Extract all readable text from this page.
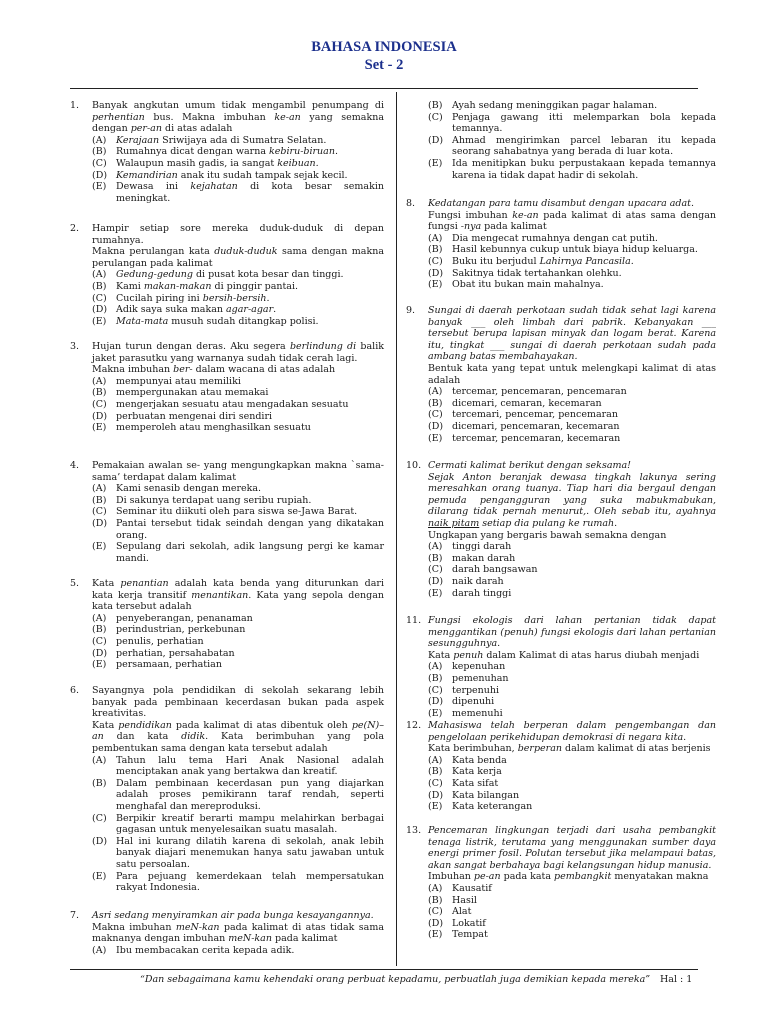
BAHASA INDONESIA
Set - 2
1.	Banyak angkutan umum tidak mengambil penumpang di perhentian bus. Makna imbuhan ke-an yang semakna dengan per-an di atas adalah
(A) Kerajaan Sriwijaya ada di Sumatra Selatan.
(B) Rumahnya dicat dengan warna kebiru-biruan.
(C) Walaupun masih gadis, ia sangat keibuan.
(D) Kemandirian anak itu sudah tampak sejak kecil.
(E) Dewasa ini kejahatan di kota besar semakin meningkat.
2.	Hampir setiap sore mereka duduk-duduk di depan rumahnya.
Makna perulangan kata duduk-duduk sama dengan makna perulangan pada kalimat
(A) Gedung-gedung di pusat kota besar dan tinggi.
(B) Kami makan-makan di pinggir pantai.
(C) Cucilah piring ini bersih-bersih.
(D) Adik saya suka makan agar-agar.
(E) Mata-mata musuh sudah ditangkap polisi.
3.	Hujan turun dengan deras. Aku segera berlindung di balik jaket parasutku yang warnanya sudah tidak cerah lagi.
Makna imbuhan ber- dalam wacana di atas adalah
(A) mempunyai atau memiliki
(B) mempergunakan atau memakai
(C) mengerjakan sesuatu atau mengadakan sesuatu
(D) perbuatan mengenai diri sendiri
(E) memperoleh atau menghasilkan sesuatu
4.	Pemakaian awalan se- yang mengungkapkan makna `sama-sama’ terdapat dalam kalimat
(A) Kami senasib dengan mereka.
(B) Di sakunya terdapat uang seribu rupiah.
(C) Seminar itu diikuti oleh para siswa se-Jawa Barat.
(D) Pantai tersebut tidak seindah dengan yang dikatakan orang.
(E) Sepulang dari sekolah, adik langsung pergi ke kamar mandi.
5.	Kata penantian adalah kata benda yang diturunkan dari kata kerja transitif menantikan. Kata yang sepola dengan kata tersebut adalah
(A) penyeberangan, penanaman
(B) perindustrian, perkebunan
(C) penulis, perhatian
(D) perhatian, persahabatan
(E) persamaan, perhatian
6.	Sayangnya pola pendidikan di sekolah sekarang lebih banyak pada pembinaan kecerdasan bukan pada aspek kreativitas.
Kata pendidikan pada kalimat di atas dibentuk oleh pe(N)–an dan kata didik. Kata berimbuhan yang pola pembentukan sama dengan kata tersebut adalah
(A) Tahun lalu tema Hari Anak Nasional adalah menciptakan anak yang bertakwa dan kreatif.
(B) Dalam pembinaan kecerdasan pun yang diajarkan adalah proses pemikirann taraf rendah, seperti menghafal dan mereproduksi.
(C) Berpikir kreatif berarti mampu melahirkan berbagai gagasan untuk menyelesaikan suatu masalah.
(D) Hal ini kurang dilatih karena di sekolah, anak lebih banyak diajari menemukan hanya satu jawaban untuk satu persoalan.
(E) Para pejuang kemerdekaan telah mempersatukan rakyat Indonesia.
7.	Asri sedang menyiramkan air pada bunga kesayangannya.
Makna imbuhan meN-kan pada kalimat di atas tidak sama maknanya dengan imbuhan meN-kan pada kalimat
(A) Ibu membacakan cerita kepada adik.
(B) Ayah sedang meninggikan pagar halaman.
(C) Penjaga gawang itti melemparkan bola kepada temannya.
(D) Ahmad mengirimkan parcel lebaran itu kepada seorang sahabatnya yang berada di luar kota.
(E) Ida menitipkan buku perpustakaan kepada temannya karena ia tidak dapat hadir di sekolah.
8.	Kedatangan para tamu disambut dengan upacara adat.
Fungsi imbuhan ke-an pada kalimat di atas sama dengan fungsi -nya pada kalimat
(A) Dia mengecat rumahnya dengan cat putih.
(B) Hasil kebunnya cukup untuk biaya hidup keluarga.
(C) Buku itu berjudul Lahirnya Pancasila.
(D) Sakitnya tidak tertahankan olehku.
(E) Obat itu bukan main mahalnya.
9.	Sungai di daerah perkotaan sudah tidak sehat lagi karena banyak ___ oleh limbah dari pabrik. Kebanyakan ___ tersebut berupa lapisan minyak dan logam berat. Karena itu, tingkat ___ sungai di daerah perkotaan sudah pada ambang batas membahayakan.
Bentuk kata yang tepat untuk melengkapi kalimat di atas adalah
(A) tercemar, pencemaran, pencemaran
(B) dicemari, cemaran, kecemaran
(C) tercemari, pencemar, pencemaran
(D) dicemari, pencemaran, kecemaran
(E) tercemar, pencemaran, kecemaran
10. Cermati kalimat berikut dengan seksama!
Sejak Anton beranjak dewasa tingkah lakunya sering meresahkan orang tuanya. Tiap hari dia bergaul dengan pemuda pengangguran yang suka mabukmabukan, dilarang tidak pernah menurut,. Oleh sebab itu, ayahnya naik pitam setiap dia pulang ke rumah.
Ungkapan yang bergaris bawah semakna dengan
(A) tinggi darah
(B) makan darah
(C) darah bangsawan
(D) naik darah
(E) darah tinggi
11. Fungsi ekologis dari lahan pertanian tidak dapat menggantikan (penuh) fungsi ekologis dari lahan pertanian sesungguhnya.
Kata penuh dalam Kalimat di atas harus diubah menjadi
(A) kepenuhan
(B) pemenuhan
(C) terpenuhi
(D) dipenuhi
(E) memenuhi
12. Mahasiswa telah berperan dalam pengembangan dan pengelolaan perikehidupan demokrasi di negara kita.
Kata berimbuhan, berperan dalam kalimat di atas berjenis
(A) Kata benda
(B) Kata kerja
(C) Kata sifat
(D) Kata bilangan
(E) Kata keterangan
13. Pencemaran lingkungan terjadi dari usaha pembangkit tenaga listrik, terutama yang menggunakan sumber daya energi primer fosil. Polutan tersebut jika melampaui batas, akan sangat berbahaya bagi kelangsungan hidup manusia.
Imbuhan pe-an pada kata pembangkit menyatakan makna
(A) Kausatif
(B) Hasil
(C) Alat
(D) Lokatif
(E) Tempat
“Dan sebagaimana kamu kehendaki orang perbuat kepadamu, perbuatlah juga demikian kepada mereka” Hal : 1
